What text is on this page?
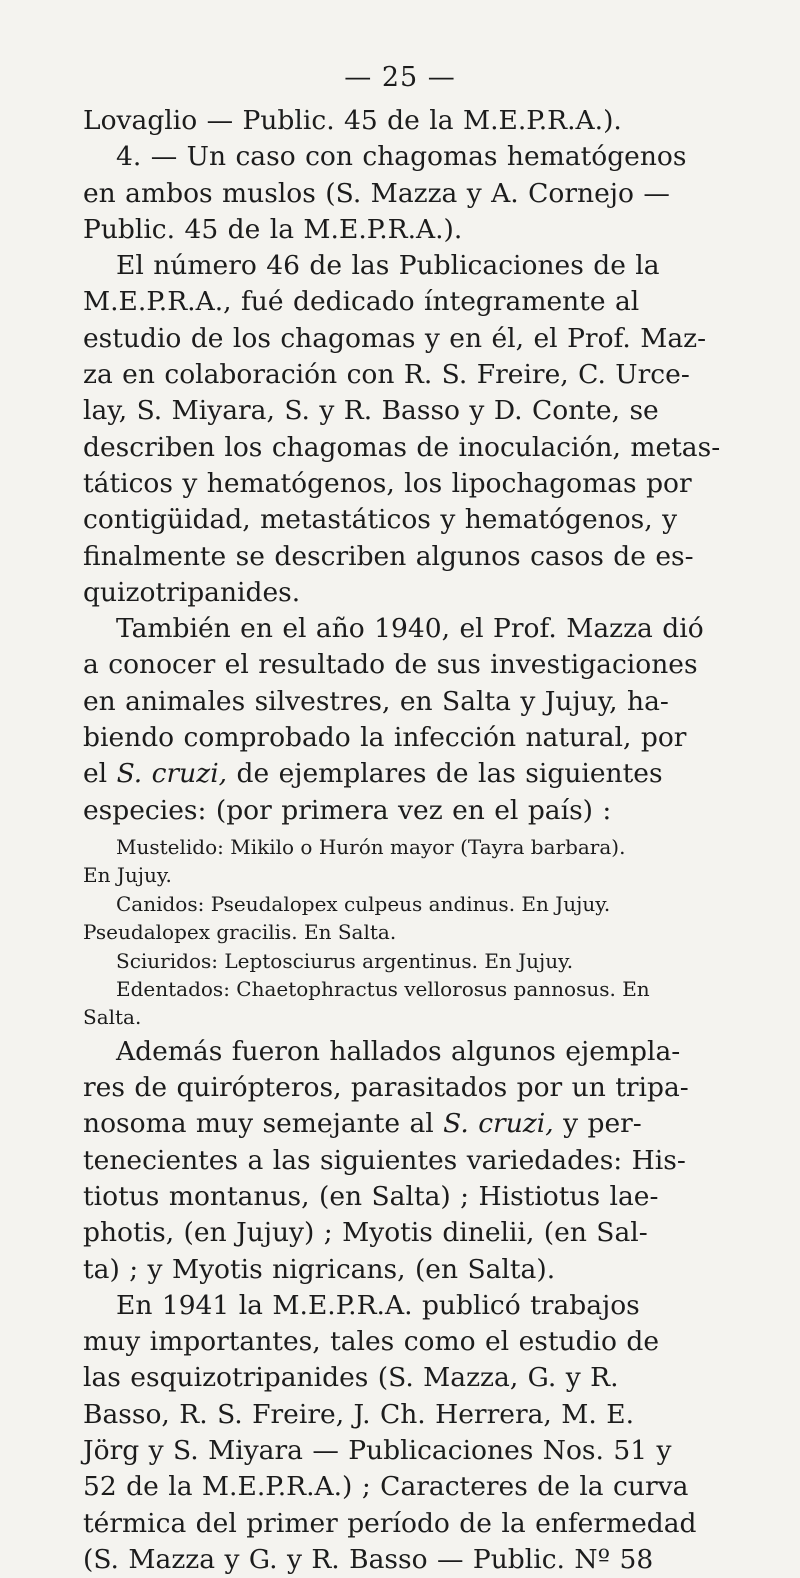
— 25 —

Lovaglio — Public. 45 de la M.E.P.R.A.).
4. — Un caso con chagomas hematógenos
en ambos muslos (S. Mazza y A. Cornejo —
Public. 45 de la M.E.P.R.A.).

El número 46 de las Publicaciones de la
M.E.P.R.A., fué dedicado íntegramente al
estudio de los chagomas y en él, el Prof. Maz-
za en colaboración con R. S. Freire, C. Urce-
lay, S. Miyara, S. y R. Basso y D. Conte, se
describen los chagomas de inoculación, metas-
táticos y hematógenos, los lipochagomas por
contigüidad, metastáticos y hematógenos, y
finalmente se describen algunos casos de es-
quizotripanides.

También en el año 1940, el Prof. Mazza dió
a conocer el resultado de sus investigaciones
en animales silvestres, en Salta y Jujuy, ha-
biendo comprobado la infección natural, por
el S. cruzi, de ejemplares de las siguientes
especies: (por primera vez en el país) :

Mustelido: Mikilo o Hurón mayor (Tayra barbara).
En Jujuy.
Canidos: Pseudalopex culpeus andinus. En Jujuy.
Pseudalopex gracilis. En Salta.
Sciuridos: Leptosciurus argentinus. En Jujuy.
Edentados: Chaetophractus vellorosus pannosus. En
Salta.

Además fueron hallados algunos ejempla-
res de quirópteros, parasitados por un tripa-
nosoma muy semejante al S. cruzi, y per-
tenecientes a las siguientes variedades: His-
tiotus montanus, (en Salta) ; Histiotus lae-
photis, (en Jujuy) ; Myotis dinelii, (en Sal-
ta) ; y Myotis nigricans, (en Salta).

En 1941 la M.E.P.R.A. publicó trabajos
muy importantes, tales como el estudio de
las esquizotripanides (S. Mazza, G. y R.
Basso, R. S. Freire, J. Ch. Herrera, M. E.
Jörg y S. Miyara — Publicaciones Nos. 51 y
52 de la M.E.P.R.A.) ; Caracteres de la curva
térmica del primer período de la enfermedad
(S. Mazza y G. y R. Basso — Public. Nº 58
